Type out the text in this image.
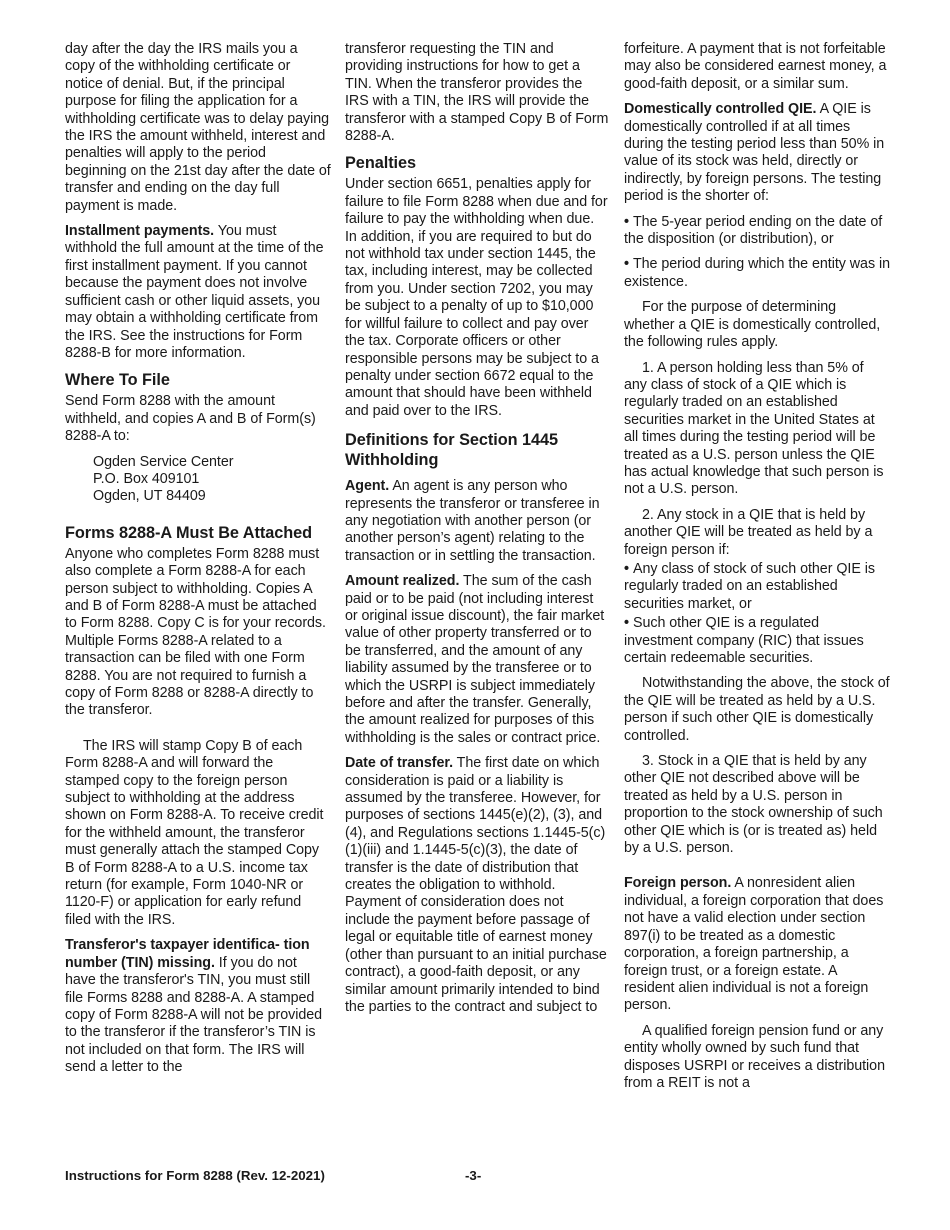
day after the day the IRS mails you a copy of the withholding certificate or notice of denial. But, if the principal purpose for filing the application for a withholding certificate was to delay paying the IRS the amount withheld, interest and penalties will apply to the period beginning on the 21st day after the date of transfer and ending on the day full payment is made.

Installment payments. You must withhold the full amount at the time of the first installment payment. If you cannot because the payment does not involve sufficient cash or other liquid assets, you may obtain a withholding certificate from the IRS. See the instructions for Form 8288-B for more information.

Where To File

Send Form 8288 with the amount withheld, and copies A and B of Form(s) 8288-A to:

Ogden Service Center
P.O. Box 409101
Ogden, UT 84409
Forms 8288-A Must Be Attached

Anyone who completes Form 8288 must also complete a Form 8288-A for each person subject to withholding. Copies A and B of Form 8288-A must be attached to Form 8288. Copy C is for your records. Multiple Forms 8288-A related to a transaction can be filed with one Form 8288. You are not required to furnish a copy of Form 8288 or 8288-A directly to the transferor.

The IRS will stamp Copy B of each Form 8288-A and will forward the stamped copy to the foreign person subject to withholding at the address shown on Form 8288-A. To receive credit for the withheld amount, the transferor must generally attach the stamped Copy B of Form 8288-A to a U.S. income tax return (for example, Form 1040-NR or 1120-F) or application for early refund filed with the IRS.

Transferor's taxpayer identifica- tion number (TIN) missing. If you do not have the transferor's TIN, you must still file Forms 8288 and 8288-A. A stamped copy of Form 8288-A will not be provided to the transferor if the transferor’s TIN is not included on that form. The IRS will send a letter to the

transferor requesting the TIN and providing instructions for how to get a TIN. When the transferor provides the IRS with a TIN, the IRS will provide the transferor with a stamped Copy B of Form 8288-A.

Penalties

Under section 6651, penalties apply for failure to file Form 8288 when due and for failure to pay the withholding when due. In addition, if you are required to but do not withhold tax under section 1445, the tax, including interest, may be collected from you. Under section 7202, you may be subject to a penalty of up to $10,000 for willful failure to collect and pay over the tax. Corporate officers or other responsible persons may be subject to a penalty under section 6672 equal to the amount that should have been withheld and paid over to the IRS.

Definitions for Section 1445 Withholding

Agent. An agent is any person who represents the transferor or transferee in any negotiation with another person (or another person’s agent) relating to the transaction or in settling the transaction.

Amount realized. The sum of the cash paid or to be paid (not including interest or original issue discount), the fair market value of other property transferred or to be transferred, and the amount of any liability assumed by the transferee or to which the USRPI is subject immediately before and after the transfer. Generally, the amount realized for purposes of this withholding is the sales or contract price.

Date of transfer. The first date on which consideration is paid or a liability is assumed by the transferee. However, for purposes of sections 1445(e)(2), (3), and (4), and Regulations sections 1.1445-5(c)(1)(iii) and 1.1445-5(c)(3), the date of transfer is the date of distribution that creates the obligation to withhold. Payment of consideration does not include the payment before passage of legal or equitable title of earnest money (other than pursuant to an initial purchase contract), a good-faith deposit, or any similar amount primarily intended to bind the parties to the contract and subject to

forfeiture. A payment that is not forfeitable may also be considered earnest money, a good-faith deposit, or a similar sum.

Domestically controlled QIE. A QIE is domestically controlled if at all times during the testing period less than 50% in value of its stock was held, directly or indirectly, by foreign persons. The testing period is the shorter of:

• The 5-year period ending on the date of the disposition (or distribution), or
• The period during which the entity was in existence.

For the purpose of determining whether a QIE is domestically controlled, the following rules apply.

1. A person holding less than 5% of any class of stock of a QIE which is regularly traded on an established securities market in the United States at all times during the testing period will be treated as a U.S. person unless the QIE has actual knowledge that such person is not a U.S. person.

2. Any stock in a QIE that is held by another QIE will be treated as held by a foreign person if:

• Any class of stock of such other QIE is regularly traded on an established securities market, or
• Such other QIE is a regulated investment company (RIC) that issues certain redeemable securities.

Notwithstanding the above, the stock of the QIE will be treated as held by a U.S. person if such other QIE is domestically controlled.

3. Stock in a QIE that is held by any other QIE not described above will be treated as held by a U.S. person in proportion to the stock ownership of such other QIE which is (or is treated as) held by a U.S. person.

Foreign person. A nonresident alien individual, a foreign corporation that does not have a valid election under section 897(i) to be treated as a domestic corporation, a foreign partnership, a foreign trust, or a foreign estate. A resident alien individual is not a foreign person.

A qualified foreign pension fund or any entity wholly owned by such fund that disposes USRPI or receives a distribution from a REIT is not a

Instructions for Form 8288 (Rev. 12-2021)	-3-
